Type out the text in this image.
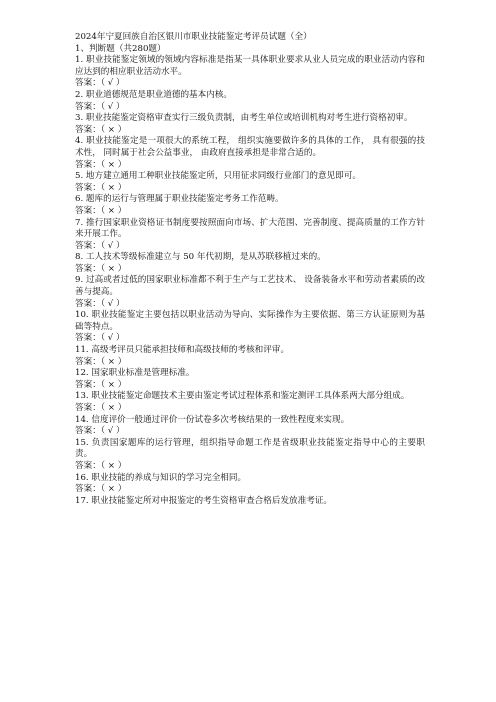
2024年宁夏回族自治区银川市职业技能鉴定考评员试题（全）

1、判断题（共280题）

1. 职业技能鉴定领域的领域内容标准是指某一具体职业要求从业人员完成的职业活动内容和应达到的相应职业活动水平。

答案：（ √ ）

2. 职业道德规范是职业道德的基本内核。

答案：（ √ ）

3. 职业技能鉴定资格审查实行三级负责制，由考生单位或培训机构对考生进行资格初审。

答案：（ × ）

4. 职业技能鉴定是一项很大的系统工程， 组织实施要做许多的具体的工作， 具有很强的技术性， 同时属于社会公益事业， 由政府直接承担是非常合适的。

答案：（ × ）

5. 地方建立通用工种职业技能鉴定所，只用征求同级行业部门的意见即可。

答案：（ × ）

6. 题库的运行与管理属于职业技能鉴定考务工作范畴。

答案：（ × ）

7. 推行国家职业资格证书制度要按照面向市场、扩大范围、完善制度、提高质量的工作方针来开展工作。

答案：（ √ ）

8. 工人技术等级标准建立与 50 年代初期，是从苏联移植过来的。

答案：（ × ）

9. 过高或者过低的国家职业标准都不利于生产与工艺技术、 设备装备水平和劳动者素质的改善与提高。

答案：（ √ ）

10. 职业技能鉴定主要包括以职业活动为导向、实际操作为主要依据、第三方认证原则为基础等特点。

答案：（ √ ）

11. 高级考评员只能承担技师和高级技师的考核和评审。

答案：（ × ）

12. 国家职业标准是管理标准。

答案：（ × ）

13. 职业技能鉴定命题技术主要由鉴定考试过程体系和鉴定测评工具体系两大部分组成。

答案：（ × ）

14. 信度评价一般通过评价一份试卷多次考核结果的一致性程度来实现。

答案：（ √ ）

15. 负责国家题库的运行管理，组织指导命题工作是省级职业技能鉴定指导中心的主要职责。

答案：（ × ）

16. 职业技能的养成与知识的学习完全相同。

答案：（ × ）

17. 职业技能鉴定所对申报鉴定的考生资格审查合格后发放准考证。
